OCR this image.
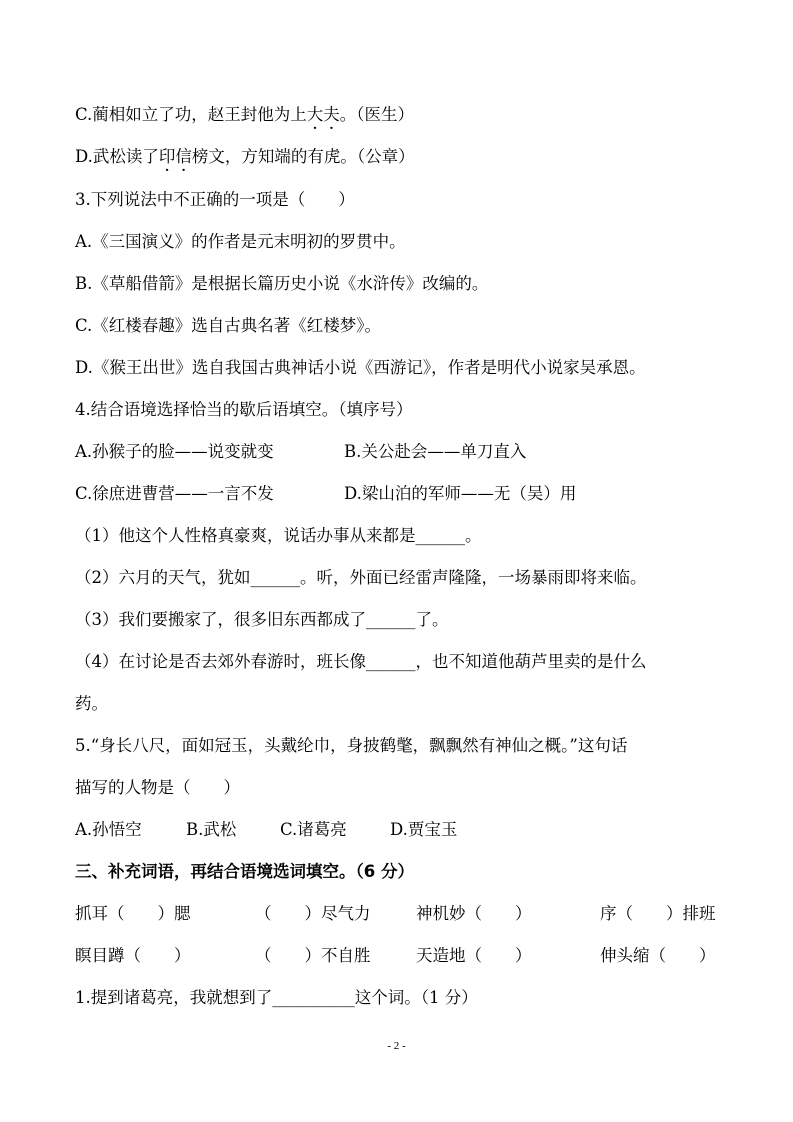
C.蔺相如立了功，赵王封他为上大夫。（医生）
D.武松读了印信榜文，方知端的有虎。（公章）
3.下列说法中不正确的一项是（　　）
A.《三国演义》的作者是元末明初的罗贯中。
B.《草船借箭》是根据长篇历史小说《水浒传》改编的。
C.《红楼春趣》选自古典名著《红楼梦》。
D.《猴王出世》选自我国古典神话小说《西游记》，作者是明代小说家吴承恩。
4.结合语境选择恰当的歇后语填空。（填序号）
A.孙猴子的脸——说变就变	B.关公赴会——单刀直入
C.徐庶进曹营——一言不发	D.梁山泊的军师——无（吴）用
（1）他这个人性格真豪爽，说话办事从来都是______。
（2）六月的天气，犹如______。听，外面已经雷声隆隆，一场暴雨即将来临。
（3）我们要搬家了，很多旧东西都成了______了。
（4）在讨论是否去郊外春游时，班长像______，也不知道他葫芦里卖的是什么
药。
5.“身长八尺，面如冠玉，头戴纶巾，身披鹤氅，飘飘然有神仙之概。”这句话
描写的人物是（　　）
A.孙悟空	B.武松	C.诸葛亮	D.贾宝玉
三、补充词语，再结合语境选词填空。（6 分）
抓耳（　　）腮	（　　）尽气力	神机妙（　　）	序（　　）排班
瞑目蹲（　　）	（　　）不自胜	天造地（　　）	伸头缩（　　）
1.提到诸葛亮，我就想到了__________这个词。（1 分）
- 2 -
